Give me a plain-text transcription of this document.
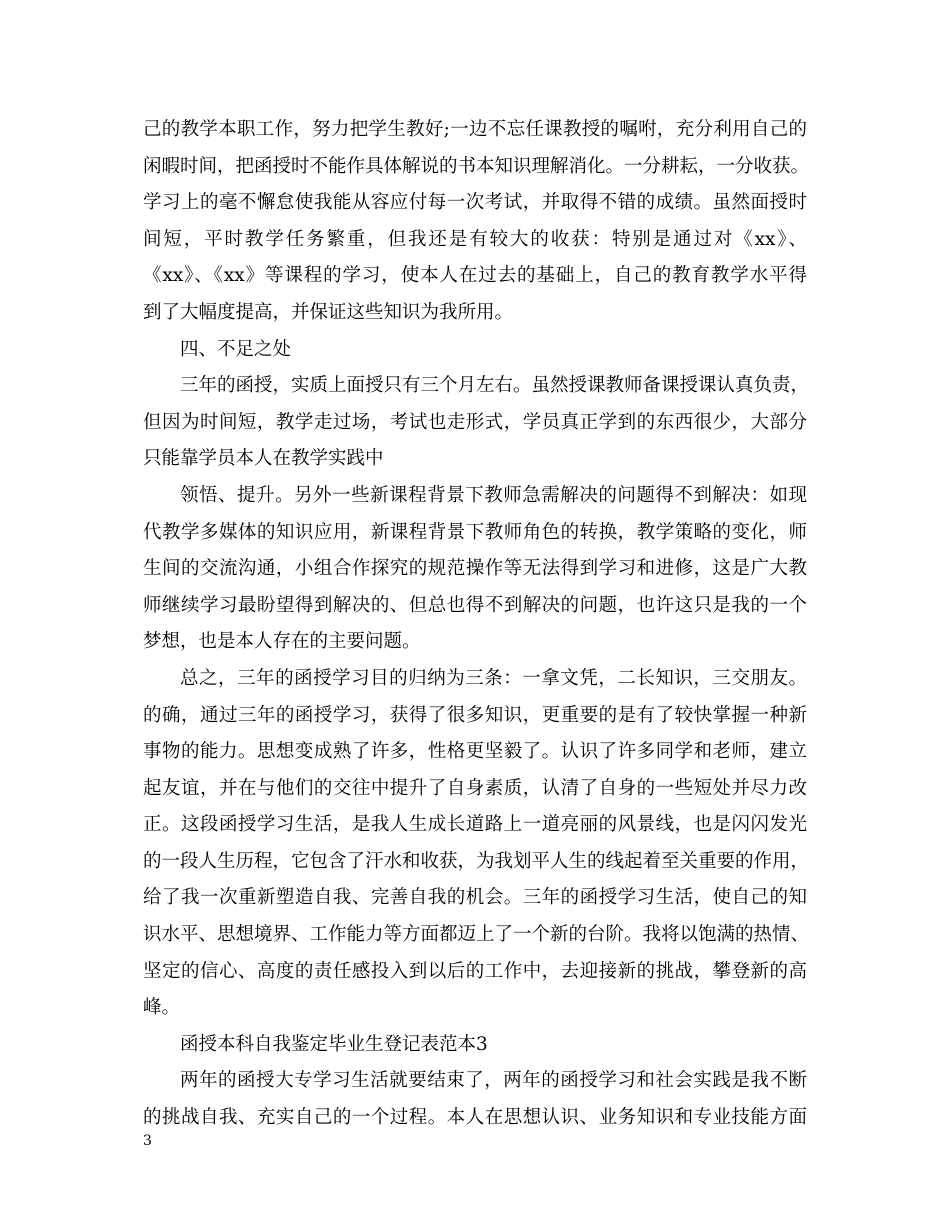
己的教学本职工作，努力把学生教好;一边不忘任课教授的嘱咐，充分利用自己的
闲暇时间，把函授时不能作具体解说的书本知识理解消化。一分耕耘，一分收获。
学习上的毫不懈怠使我能从容应付每一次考试，并取得不错的成绩。虽然面授时
间短，平时教学任务繁重，但我还是有较大的收获：特别是通过对《xx》、
《xx》、《xx》等课程的学习，使本人在过去的基础上，自己的教育教学水平得
到了大幅度提高，并保证这些知识为我所用。
四、不足之处
三年的函授，实质上面授只有三个月左右。虽然授课教师备课授课认真负责，
但因为时间短，教学走过场，考试也走形式，学员真正学到的东西很少，大部分
只能靠学员本人在教学实践中
领悟、提升。另外一些新课程背景下教师急需解决的问题得不到解决：如现
代教学多媒体的知识应用，新课程背景下教师角色的转换，教学策略的变化，师
生间的交流沟通，小组合作探究的规范操作等无法得到学习和进修，这是广大教
师继续学习最盼望得到解决的、但总也得不到解决的问题，也许这只是我的一个
梦想，也是本人存在的主要问题。
总之，三年的函授学习目的归纳为三条：一拿文凭，二长知识，三交朋友。
的确，通过三年的函授学习，获得了很多知识，更重要的是有了较快掌握一种新
事物的能力。思想变成熟了许多，性格更坚毅了。认识了许多同学和老师，建立
起友谊，并在与他们的交往中提升了自身素质，认清了自身的一些短处并尽力改
正。这段函授学习生活，是我人生成长道路上一道亮丽的风景线，也是闪闪发光
的一段人生历程，它包含了汗水和收获，为我划平人生的线起着至关重要的作用，
给了我一次重新塑造自我、完善自我的机会。三年的函授学习生活，使自己的知
识水平、思想境界、工作能力等方面都迈上了一个新的台阶。我将以饱满的热情、
坚定的信心、高度的责任感投入到以后的工作中，去迎接新的挑战，攀登新的高
峰。
函授本科自我鉴定毕业生登记表范本3
两年的函授大专学习生活就要结束了，两年的函授学习和社会实践是我不断
的挑战自我、充实自己的一个过程。本人在思想认识、业务知识和专业技能方面
3
